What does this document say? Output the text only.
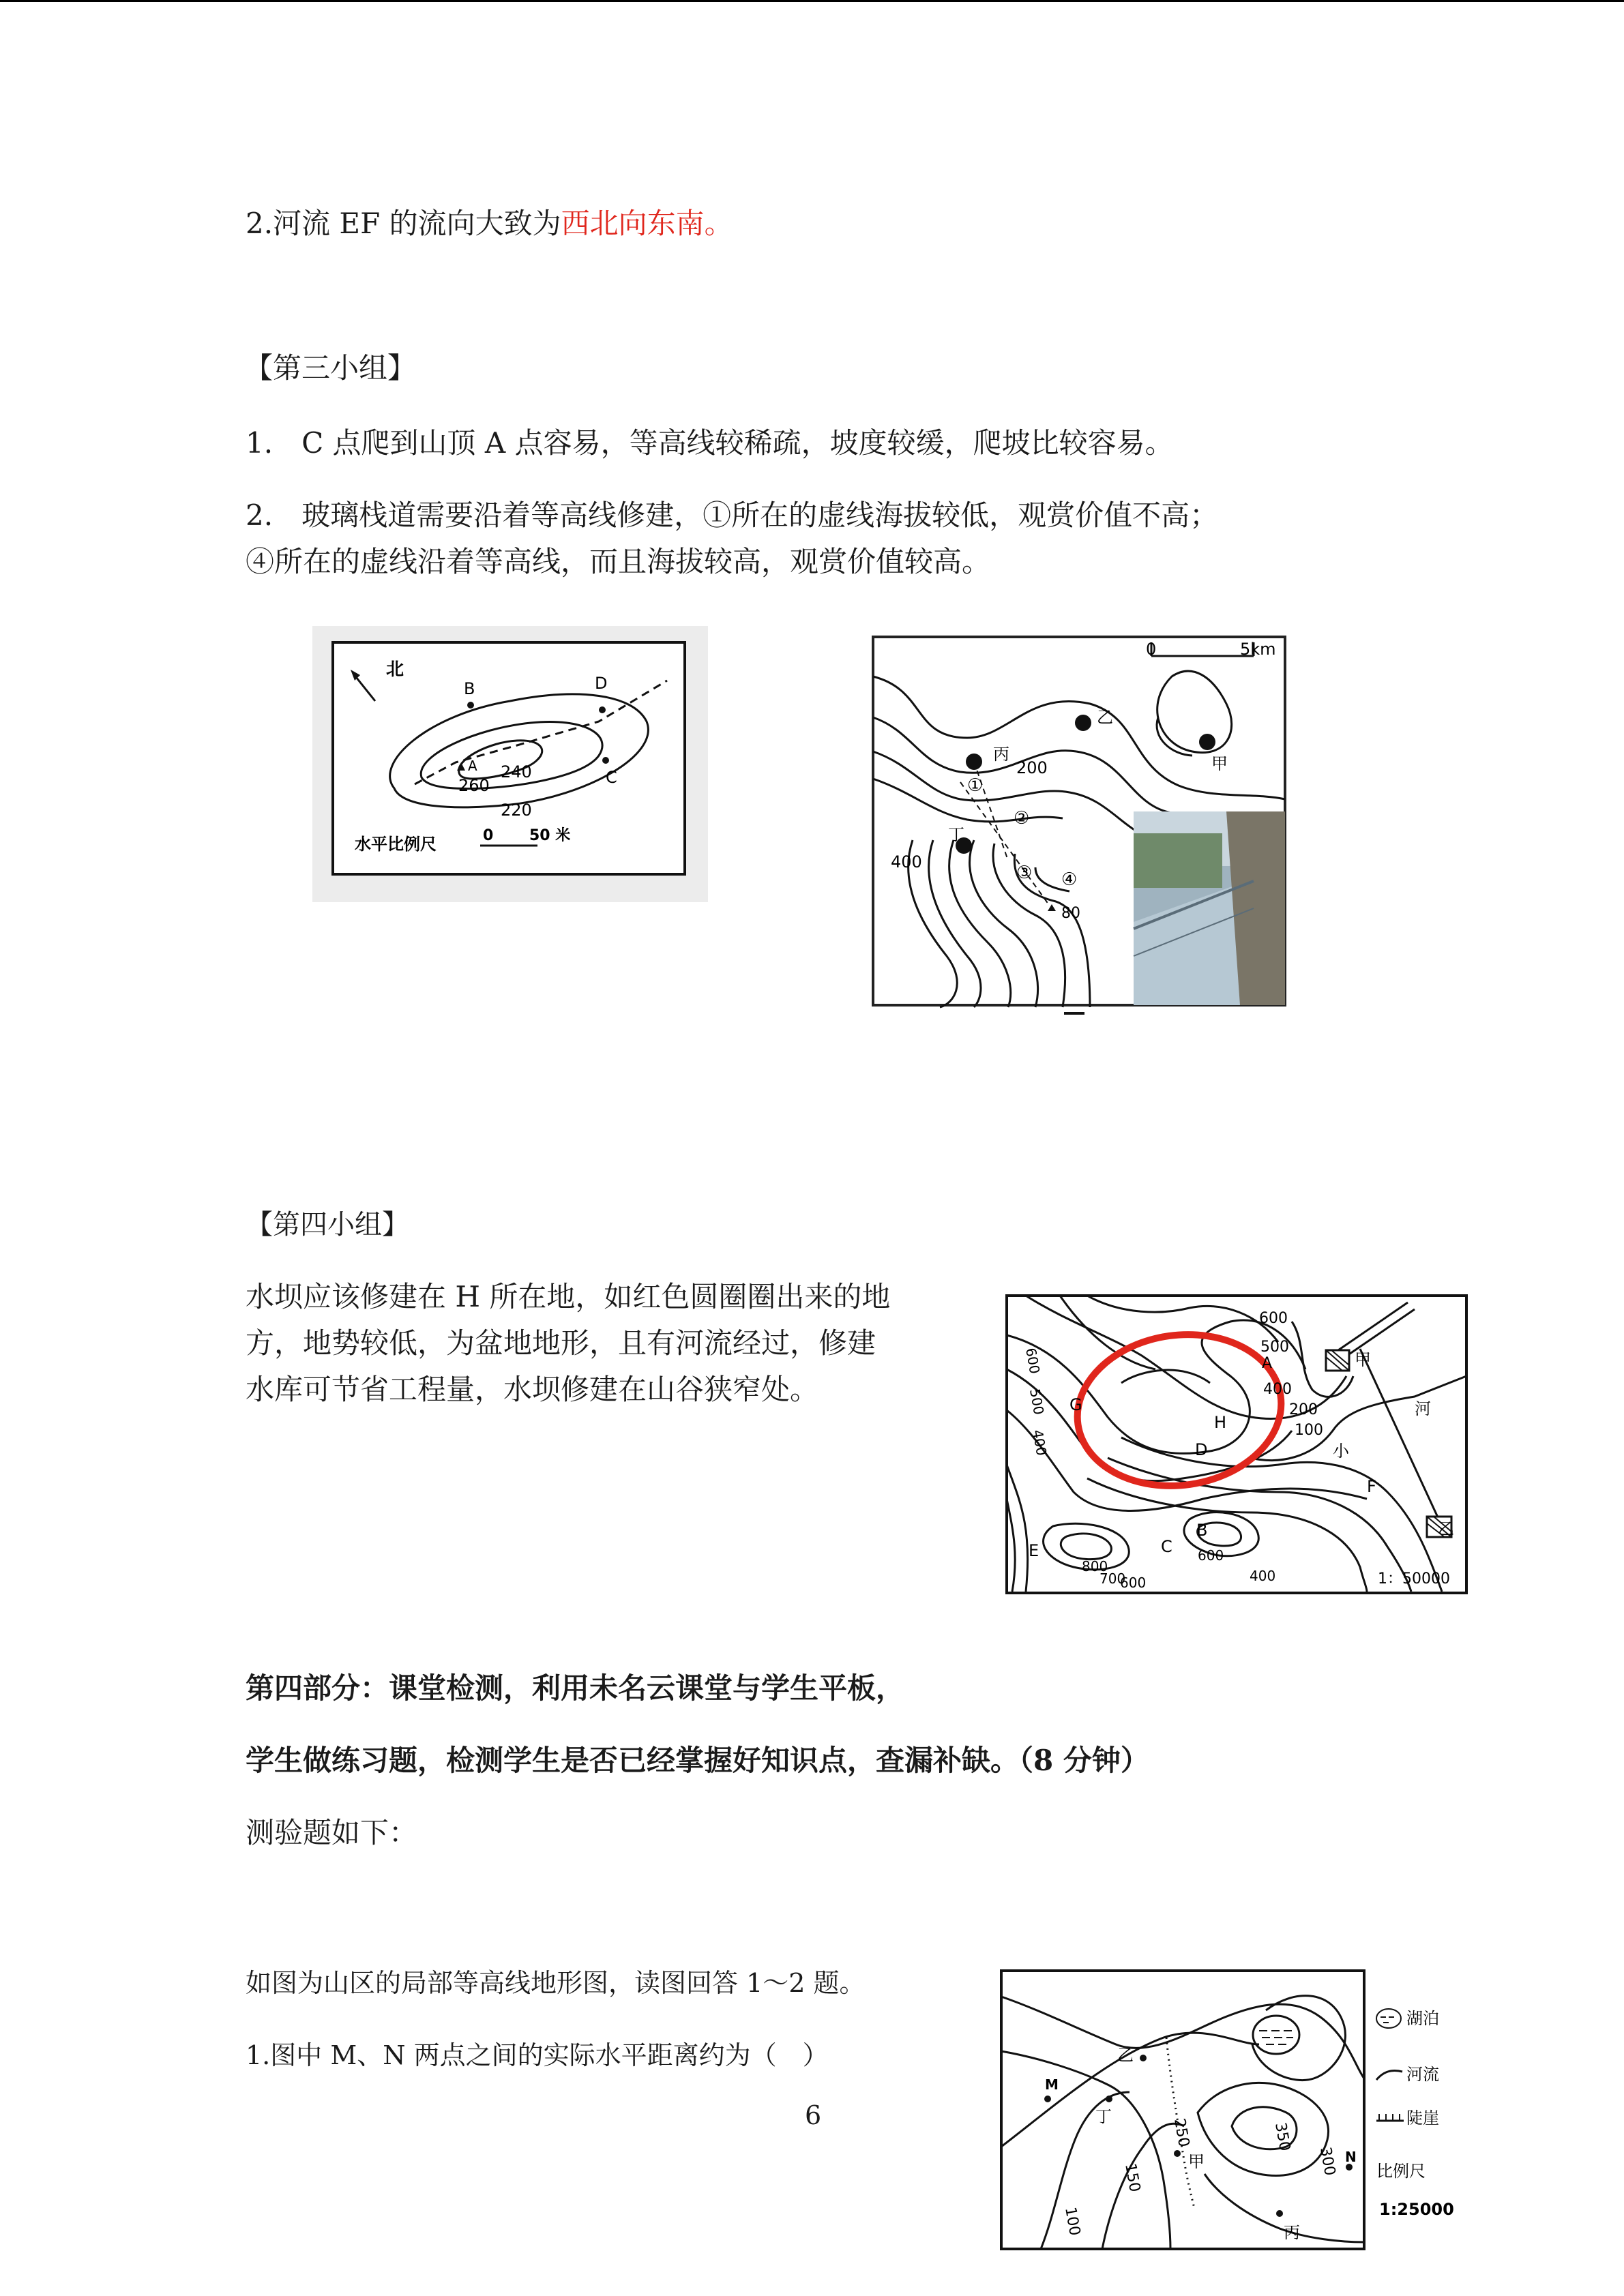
2.河流 EF 的流向大致为西北向东南。
【第三小组】
1.　C 点爬到山顶 A 点容易，等高线较稀疏，坡度较缓，爬坡比较容易。
2.　玻璃栈道需要沿着等高线修建，①所在的虚线海拔较低，观赏价值不高；
④所在的虚线沿着等高线，而且海拔较高，观赏价值较高。
北
B	D
A
C
260
240
220
水平比例尺	0 50 米
0	5km
乙
甲
丙
丁
200
400
80
①
②
③ ④
【第四小组】
水坝应该修建在 H 所在地，如红色圆圈圈出来的地
方，地势较低，为盆地地形，且有河流经过，修建
水库可节省工程量，水坝修建在山谷狭窄处。
600
500
A
400
200
100
甲
河
小
G
H
D
F
B
C
E
800
700
600
600
400
乙
1：50000
600
500
400
第四部分：课堂检测，利用未名云课堂与学生平板，
学生做练习题，检测学生是否已经掌握好知识点，查漏补缺。（8 分钟）
测验题如下：
如图为山区的局部等高线地形图，读图回答 1～2 题。
1.图中 M、N 两点之间的实际水平距离约为（　）
6
M
乙
丁
250	350
300
150
100
甲
丙
N
湖泊
河流
陡崖
比例尺
1:25000
